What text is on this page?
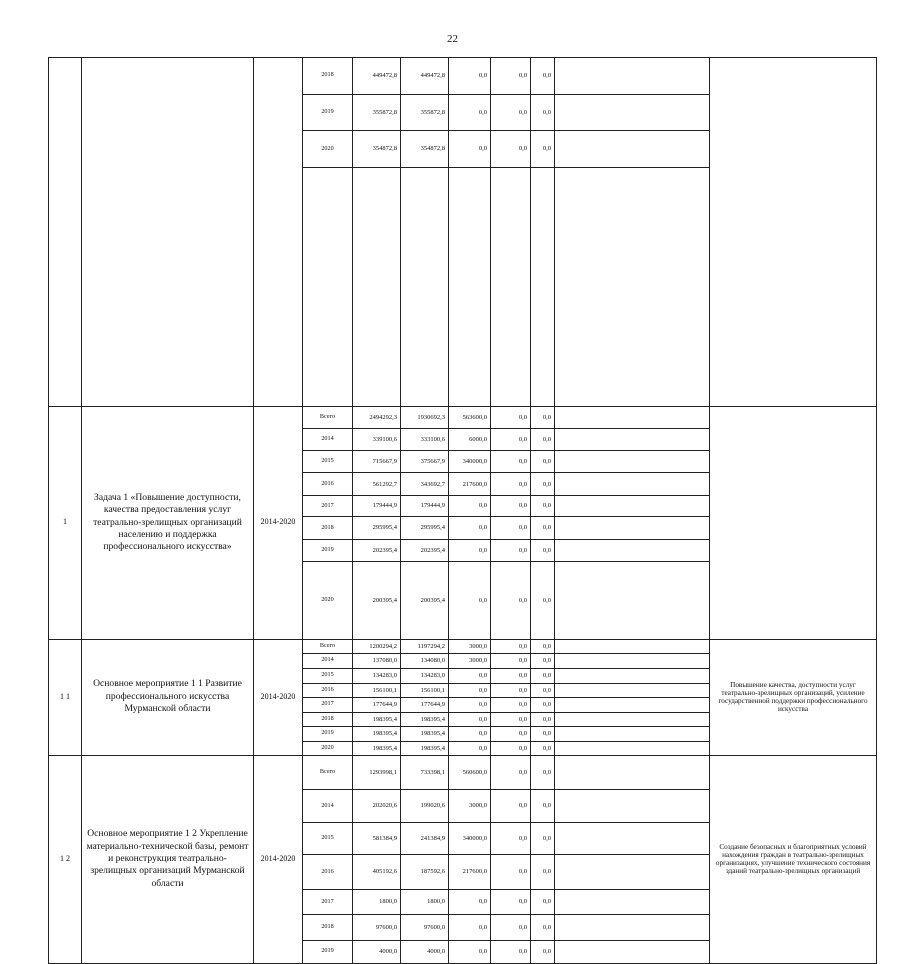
22
			2018	449472,8	449472,8	0,0	0,0	0,0			
			2019	355872,8	355872,8	0,0	0,0	0,0			
			2020	354872,8	354872,8	0,0	0,0	0,0			

1	Задача 1 «Повышение доступности, качества предоставления услуг театрально-зрелищных организаций населению и поддержка профессионального искусства»	2014-2020	Всего	2494292,3	1930692,3	563600,0	0,0	0,0			
			2014	339100,6	333100,6	6000,0	0,0	0,0			
			2015	715667,9	375667,9	340000,0	0,0	0,0			
			2016	561292,7	343692,7	217600,0	0,0	0,0			
			2017	179444,9	179444,9	0,0	0,0	0,0			
			2018	295995,4	295995,4	0,0	0,0	0,0			
			2019	202395,4	202395,4	0,0	0,0	0,0			
			2020	200395,4	200395,4	0,0	0,0	0,0			
1 1	Основное мероприятие 1 1 Развитие профессионального искусства Мурманской области	2014-2020	Всего	1200294,2	1197294,2	3000,0	0,0	0,0		Повышение качества, доступности услуг театрально-зрелищных организаций, усиление государственной поддержки профессионального искусства	
			2014	137080,0	134080,0	3000,0	0,0	0,0			
			2015	134283,0	134283,0	0,0	0,0	0,0			
			2016	156100,1	156100,1	0,0	0,0	0,0			
			2017	177644,9	177644,9	0,0	0,0	0,0			
			2018	198395,4	198395,4	0,0	0,0	0,0			
			2019	198395,4	198395,4	0,0	0,0	0,0			
			2020	198395,4	198395,4	0,0	0,0	0,0			
1 2	Основное мероприятие 1 2 Укрепление материально-технической базы, ремонт и реконструкция театрально-зрелищных организаций Мурманской области	2014-2020	Всего	1293998,1	733398,1	560600,0	0,0	0,0		Создание безопасных и благоприятных условий нахождения граждан в театрально-зрелищных организациях, улучшение технического состояния зданий театрально-зрелищных организаций	
			2014	202020,6	199020,6	3000,0	0,0	0,0			
			2015	581384,9	241384,9	340000,0	0,0	0,0			
			2016	405192,6	187592,6	217600,0	0,0	0,0			
			2017	1800,0	1800,0	0,0	0,0	0,0			
			2018	97600,0	97600,0	0,0	0,0	0,0			
			2019	4000,0	4000,0	0,0	0,0	0,0			
